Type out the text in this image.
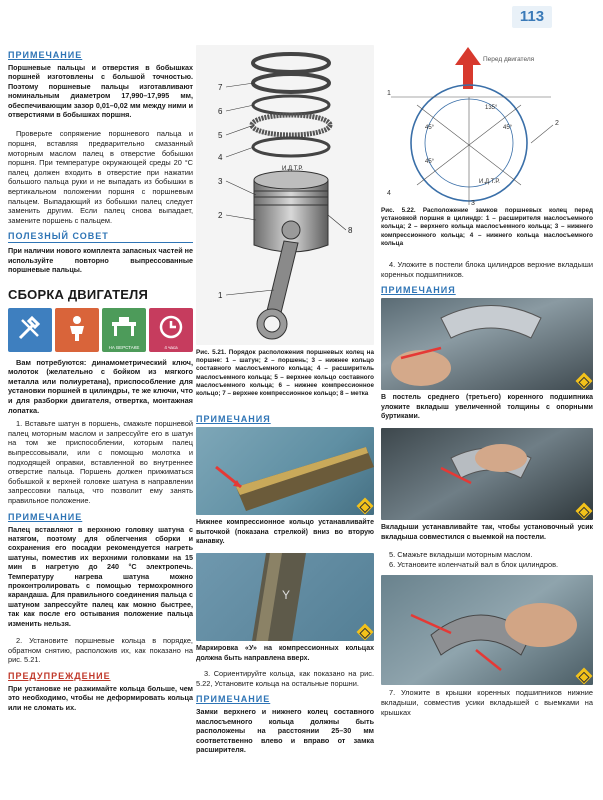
113
ПРИМЕЧАНИЕ
Поршневые пальцы и отверстия в бобышках поршней изготовлены с большой точностью. Поэтому поршневые пальцы изготавливают номинальным диаметром 17,990–17,995 мм, обеспечивающим зазор 0,01–0,02 мм между ними и отверстиями в бобышках поршня.

Проверьте сопряжение поршневого пальца и поршня, вставляя предварительно смазанный моторным маслом палец в отверстие бобышки поршня. При температуре окружающей среды 20 °С палец должен входить в отверстие при нажатии большого пальца руки и не выпадать из бобышки в вертикальном положении поршня с поршневым пальцем. Выпадающий из бобышки палец следует заменить другим. Если палец снова выпадает, замените поршень с пальцем.

ПОЛЕЗНЫЙ СОВЕТ
При наличии нового комплекта запасных частей не используйте повторно выпрессованные поршневые пальцы.
СБОРКА ДВИГАТЕЛЯ
НА ВЕРСТАКЕ	4 часа

Вам потребуются: динамометрический ключ, молоток (желательно с бойком из мягкого металла или полиуретана), приспособление для установки поршней в цилиндры, те же ключи, что и для разборки двигателя, отвертка, монтажная лопатка.

1. Вставьте шатун в поршень, смажьте поршневой палец моторным маслом и запрессуйте его в шатун на том же приспособлении, которым палец выпрессовывали, или с помощью молотка и подходящей оправки, вставленной во внутреннее отверстие пальца. Поршень должен прижиматься бобышкой к верхней головке шатуна в направлении запрессовки пальца, что позволит ему занять правильное положение.

ПРИМЕЧАНИЕ
Палец вставляют в верхнюю головку шатуна с натягом, поэтому для облегчения сборки и сохранения его посадки рекомендуется нагреть шатуны, поместив их верхними головками на 15 мин в нагретую до 240 °С электропечь. Температуру нагрева шатуна можно проконтролировать с помощью термохромного карандаша. Для правильного соединения пальца с шатуном запрессуйте палец как можно быстрее, так как после его остывания положение пальца изменить нельзя.

2. Установите поршневые кольца в порядке, обратном снятию, расположив их, как показано на рис. 5.21.

ПРЕДУПРЕЖДЕНИЕ
При установке не разжимайте кольца больше, чем это необходимо, чтобы не деформировать кольца или не сломать их.
7
6
5
4
3
2
8
1
И.Д.Т.Р.
Рис. 5.21. Порядок расположения поршневых колец на поршне: 1 – шатун; 2 – поршень; 3 – нижнее кольцо составного маслосъемного кольца; 4 – расширитель маслосъемного кольца; 5 – верхнее кольцо составного маслосъемного кольца; 6 – нижнее компрессионное кольцо; 7 – верхнее компрессионное кольцо; 8 – метка
ПРИМЕЧАНИЯ
Нижнее компрессионное кольцо устанавливайте выточкой (показана стрелкой) вниз во вторую канавку.
Y
Маркировка «У» на компрессионных кольцах должна быть направлена вверх.

3. Сориентируйте кольца, как показано на рис. 5.22, Установите кольца на остальные поршни.

ПРИМЕЧАНИЕ
Замки верхнего и нижнего колец составного маслосъемного кольца должны быть расположены на расстоянии 25–30 мм соответственно влево и вправо от замка расширителя.
Перед двигателя
1
2
3
4
45°
45°
45°
135°
И.Д.Т.Р.
Рис. 5.22. Расположение замков поршневых колец перед установкой поршня в цилиндр: 1 – расширителя маслосъемного кольца; 2 – верхнего кольца маслосъемного кольца; 3 – нижнего компрессионного кольца; 4 – нижнего кольца маслосъемного кольца

4. Уложите в постели блока цилиндров верхние вкладыши коренных подшипников.

ПРИМЕЧАНИЯ
В постель среднего (третьего) коренного подшипника уложите вкладыш увеличенной толщины с опорными буртиками.
Вкладыши устанавливайте так, чтобы установочный усик вкладыша совместился с выемкой на постели.

5. Смажьте вкладыши моторным маслом.

6. Установите коленчатый вал в блок цилиндров.

7. Уложите в крышки коренных подшипников нижние вкладыши, совместив усики вкладышей с выемками на крышках
